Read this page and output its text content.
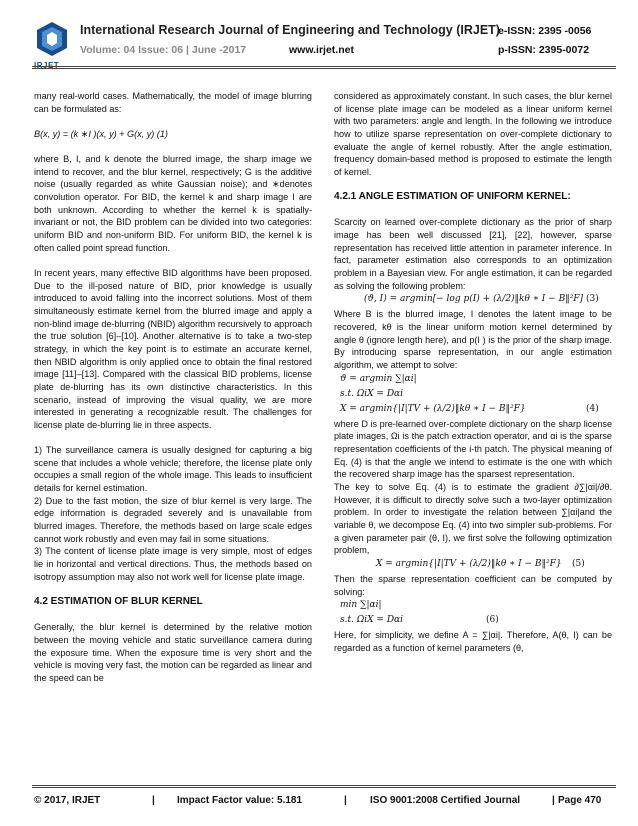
IRJET
International Research Journal of Engineering and Technology (IRJET)
e-ISSN: 2395 -0056
Volume: 04 Issue: 06 | June -2017	www.irjet.net	p-ISSN: 2395-0072

many real-world cases. Mathematically, the model of image blurring can be formulated as:

B(x, y) = (k ∗I )(x, y) + G(x, y) (1)

where B, I, and k denote the blurred image, the sharp image we intend to recover, and the blur kernel, respectively; G is the additive noise (usually regarded as white Gaussian noise); and ∗denotes convolution operator. For BID, the kernel k and sharp image I are both unknown. According to whether the kernel k is spatially-invariant or not, the BID problem can be divided into two categories: uniform BID and non-uniform BID. For uniform BID, the kernel k is often called point spread function.

In recent years, many effective BID algorithms have been proposed. Due to the ill-posed nature of BID, prior knowledge is usually introduced to avoid falling into the incorrect solutions. Most of them simultaneously estimate kernel from the blurred image and apply a non-blind image de-blurring (NBID) algorithm recursively to approach the true solution [6]–[10]. Another alternative is to take a two-step strategy, in which the key point is to estimate an accurate kernel, then NBID algorithm is only applied once to obtain the final restored image [11]–[13]. Compared with the classical BID problems, license plate de-blurring has its own distinctive characteristics. In this scenario, instead of improving the visual quality, we are more interested in generating a recognizable result. The challenges for license plate de-blurring lie in three aspects.

1) The surveillance camera is usually designed for capturing a big scene that includes a whole vehicle; therefore, the license plate only occupies a small region of the whole image. This leads to insufficient details for kernel estimation.

2) Due to the fast motion, the size of blur kernel is very large. The edge information is degraded severely and is unavailable from blurred images. Therefore, the methods based on large scale edges cannot work robustly and even may fail in some situations.

3) The content of license plate image is very simple, most of edges lie in horizontal and vertical directions. Thus, the methods based on isotropy assumption may also not work well for license plate image.

4.2 ESTIMATION OF BLUR KERNEL

Generally, the blur kernel is determined by the relative motion between the moving vehicle and static surveillance camera during the exposure time. When the exposure time is very short and the vehicle is moving very fast, the motion can be regarded as linear and the speed can be

considered as approximately constant. In such cases, the blur kernel of license plate image can be modeled as a linear uniform kernel with two parameters: angle and length. In the following we introduce how to utilize sparse representation on over-complete dictionary to evaluate the angle of kernel robustly. After the angle estimation, frequency domain-based method is proposed to estimate the length of kernel.

4.2.1 ANGLE ESTIMATION OF UNIFORM KERNEL:

Scarcity on learned over-complete dictionary as the prior of sharp image has been well discussed [21], [22], however, sparse representation has received little attention in parameter inference. In fact, parameter estimation also corresponds to an optimization problem in a Bayesian view. For angle estimation, it can be regarded as solving the following problem:

(ϑ, I) = argmin[− log p(I) + (λ/2)‖kθ ∗ I − B‖²F] (3)

Where B is the blurred image, I denotes the latent image to be recovered, kθ is the linear uniform motion kernel determined by angle θ (ignore length here), and p(I ) is the prior of the sharp image. By introducing sparse representation, in our angle estimation algorithm, we attempt to solve:

ϑ = argmin ∑|αi|
s.t. ΩiX = Dαi
X = argmin{|I|TV + (λ/2)‖kθ ∗ I − B‖²F}	(4)

where D is pre-learned over-complete dictionary on the sharp license plate images, Ωi is the patch extraction operator, and αi is the sparse representation coefficients of the i-th patch. The physical meaning of Eq. (4) is that the angle we intend to estimate is the one with which the recovered sharp image has the sparsest representation.

The key to solve Eq. (4) is to estimate the gradient ∂∑|αi|/∂θ. However, it is difficult to directly solve such a two-layer optimization problem. In order to investigate the relation between ∑|αi|and the variable θ, we decompose Eq. (4) into two simpler sub-problems. For a given parameter pair (θ, I), we first solve the following optimization problem,

X = argmin{|I|TV + (λ/2)‖kθ ∗ I − B‖²F} (5)

Then the sparse representation coefficient can be computed by solving:

min ∑|αi|
s.t. ΩiX = Dαi	(6)

Here, for simplicity, we define A = ∑|αi|. Therefore, A(θ, I) can be regarded as a function of kernel parameters (θ,

© 2017, IRJET	| Impact Factor value: 5.181	| ISO 9001:2008 Certified Journal	| Page 470
